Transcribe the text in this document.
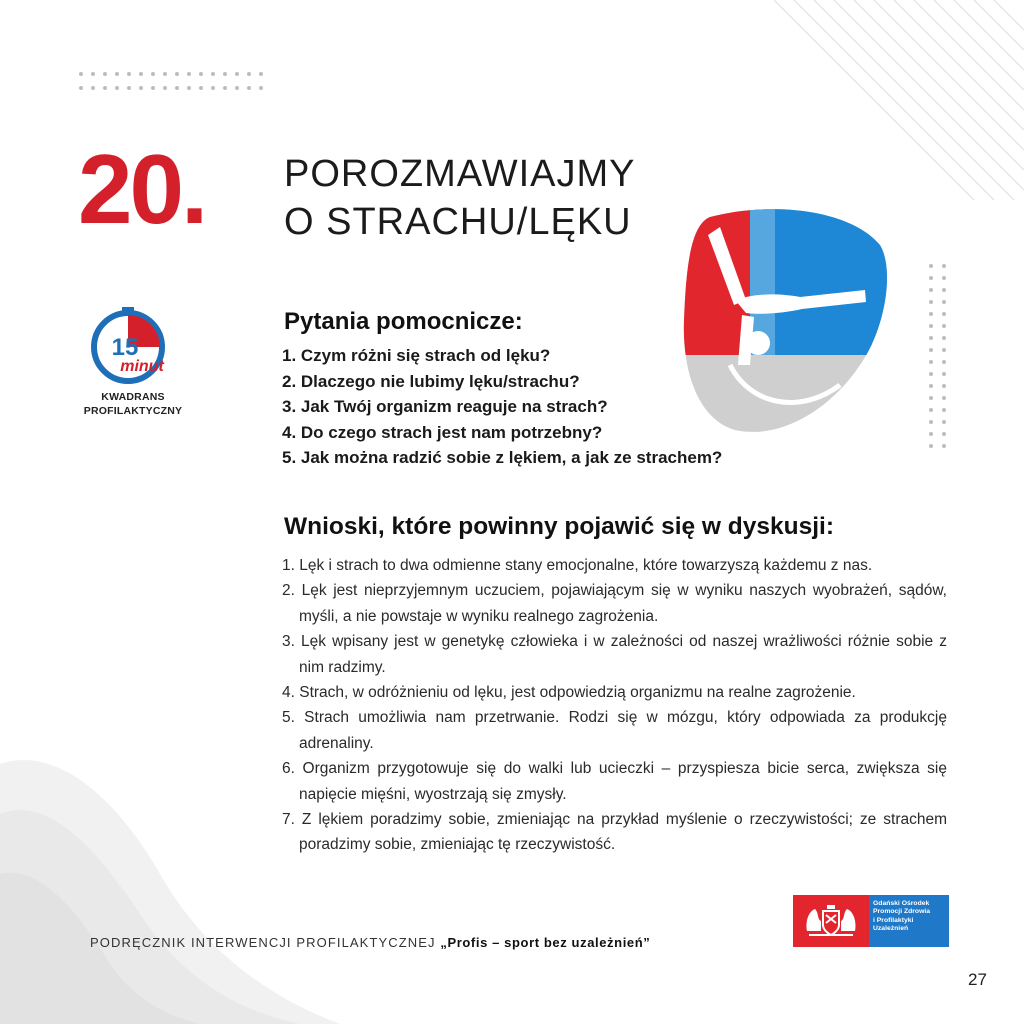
20. POROZMAWIAJMY
O STRACHU/LĘKU
15
minut
KWADRANS
PROFILAKTYCZNY
Pytania pomocnicze:
1. Czym różni się strach od lęku?
2. Dlaczego nie lubimy lęku/strachu?
3. Jak Twój organizm reaguje na strach?
4. Do czego strach jest nam potrzebny?
5. Jak można radzić sobie z lękiem, a jak ze strachem?
Wnioski, które powinny pojawić się w dyskusji:
1. Lęk i strach to dwa odmienne stany emocjonalne, które towarzyszą każdemu z nas.
2. Lęk jest nieprzyjemnym uczuciem, pojawiającym się w wyniku naszych wyobrażeń, sądów, myśli, a nie powstaje w wyniku realnego zagrożenia.
3. Lęk wpisany jest w genetykę człowieka i w zależności od naszej wrażliwości różnie sobie z nim radzimy.
4. Strach, w odróżnieniu od lęku, jest odpowiedzią organizmu na realne zagrożenie.
5. Strach umożliwia nam przetrwanie. Rodzi się w mózgu, który odpowiada za produkcję adrenaliny.
6. Organizm przygotowuje się do walki lub ucieczki – przyspiesza bicie serca, zwiększa się napięcie mięśni, wyostrzają się zmysły.
7. Z lękiem poradzimy sobie, zmieniając na przykład myślenie o rzeczywistości; ze strachem poradzimy sobie, zmieniając tę rzeczywistość.
PODRĘCZNIK INTERWENCJI PROFILAKTYCZNEJ „Profis – sport bez uzależnień”
Gdański Ośrodek
Promocji Zdrowia
i Profilaktyki
Uzależnień
27
